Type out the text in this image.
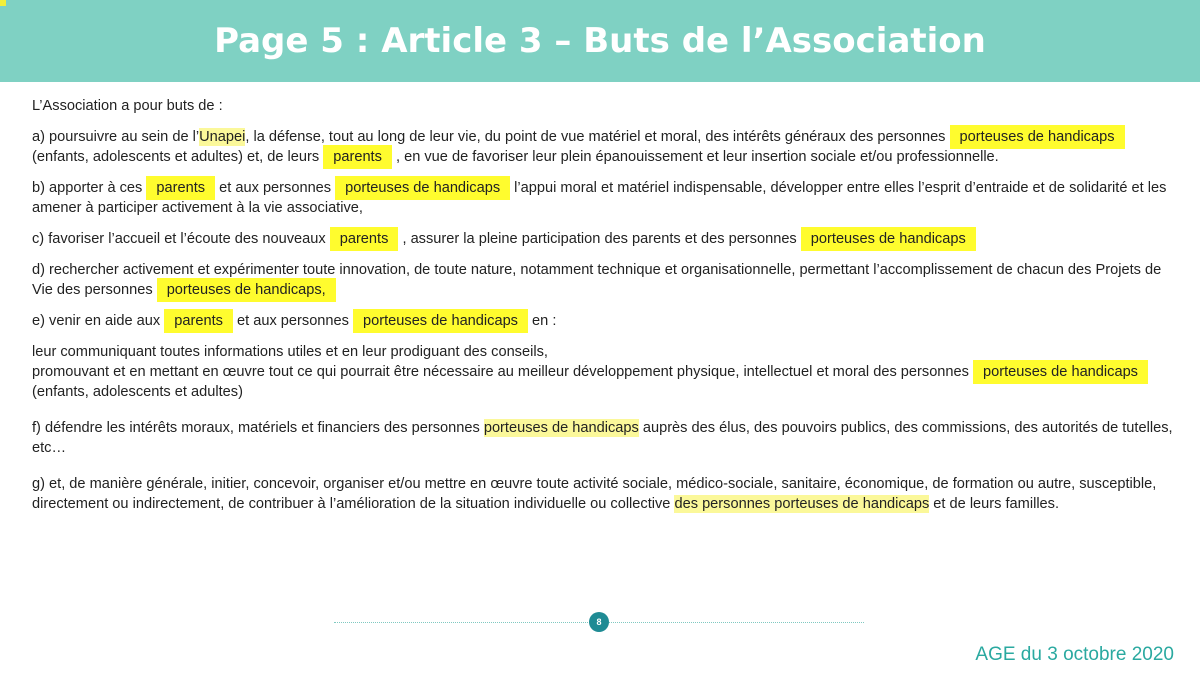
Page 5 : Article 3 – Buts de l’Association

L’Association a pour buts de :

a) poursuivre au sein de l’Unapei, la défense, tout au long de leur vie, du point de vue matériel et moral, des intérêts généraux des personnes porteuses de handicaps (enfants, adolescents et adultes) et, de leurs parents , en vue de favoriser leur plein épanouissement et leur insertion sociale et/ou professionnelle.

b) apporter à ces parents et aux personnes porteuses de handicaps l’appui moral et matériel indispensable, développer entre elles l’esprit d’entraide et de solidarité et les amener à participer activement à la vie associative,

c) favoriser l’accueil et l’écoute des nouveaux parents , assurer la pleine participation des parents et des personnes porteuses de handicaps

d) rechercher activement et expérimenter toute innovation, de toute nature, notamment technique et organisationnelle, permettant l’accomplissement de chacun des Projets de Vie des personnes porteuses de handicaps,

e) venir en aide aux parents et aux personnes porteuses de handicaps en :

leur communiquant toutes informations utiles et en leur prodiguant des conseils,
promouvant et en mettant en œuvre tout ce qui pourrait être nécessaire au meilleur développement physique, intellectuel et moral des personnes porteuses de handicaps (enfants, adolescents et adultes)

f) défendre les intérêts moraux, matériels et financiers des personnes porteuses de handicaps auprès des élus, des pouvoirs publics, des commissions, des autorités de tutelles, etc…

g) et, de manière générale, initier, concevoir, organiser et/ou mettre en œuvre toute activité sociale, médico-sociale, sanitaire, économique, de formation ou autre, susceptible, directement ou indirectement, de contribuer à l’amélioration de la situation individuelle ou collective des personnes porteuses de handicaps et de leurs familles.

8
AGE du 3 octobre 2020
